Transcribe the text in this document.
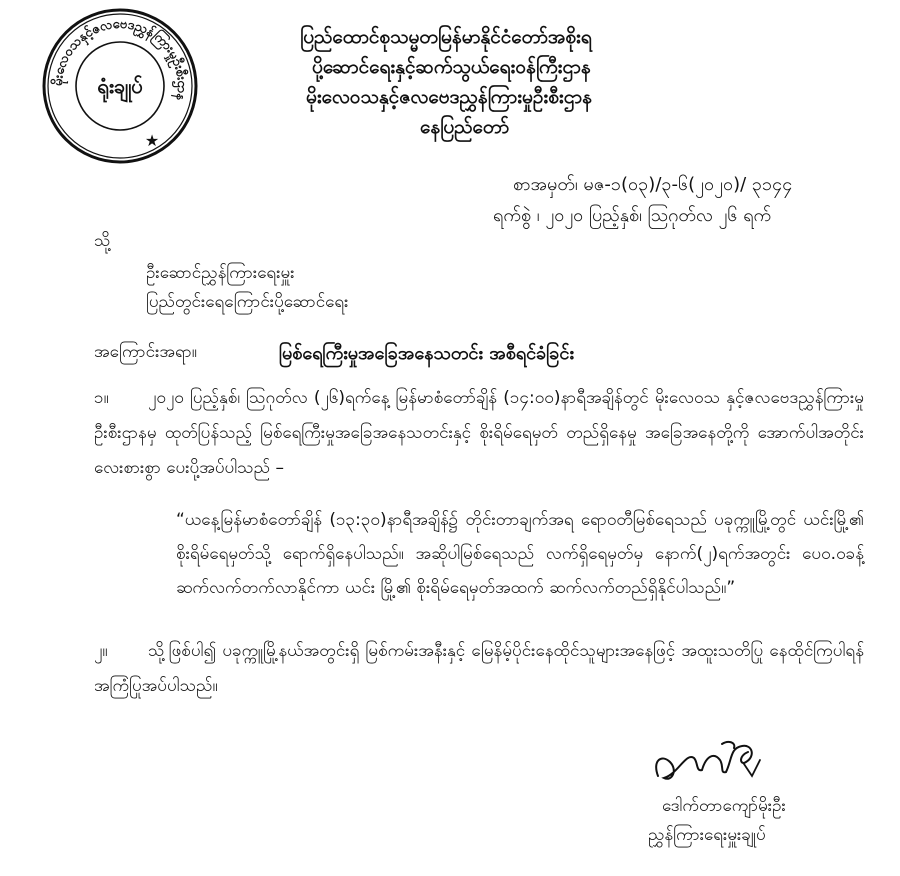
မိုးလေဝသနှင့်ဇလဗေဒညွှန်ကြားမှုဦးစီးဌာန
ရုံးချုပ်
★
ပြည်ထောင်စုသမ္မတမြန်မာနိုင်ငံတော်အစိုးရ
ပို့ဆောင်ရေးနှင့်ဆက်သွယ်ရေးဝန်ကြီးဌာန
မိုးလေဝသနှင့်ဇလဗေဒညွှန်ကြားမှုဦးစီးဌာန
နေပြည်တော်
စာအမှတ်၊ မဇ-၁(၀၃)/၃-၆(၂၀၂၀)/ ၃၁၄၄
ရက်စွဲ ၊ ၂၀၂၀ ပြည့်နှစ်၊ ဩဂုတ်လ ၂၆ ရက်
သို့
ဦးဆောင်ညွှန်ကြားရေးမှူး
ပြည်တွင်းရေကြောင်းပို့ဆောင်ရေး
အကြောင်းအရာ။	မြစ်ရေကြီးမှုအခြေအနေသတင်း အစီရင်ခံခြင်း
၁။	၂၀၂၀ ပြည့်နှစ်၊ ဩဂုတ်လ (၂၆)ရက်နေ့ မြန်မာစံတော်ချိန် (၁၄:၀၀)နာရီအချိန်တွင် မိုးလေဝသ နှင့်ဇလဗေဒညွှန်ကြားမှုဦးစီးဌာနမှ ထုတ်ပြန်သည့် မြစ်ရေကြီးမှုအခြေအနေသတင်းနှင့် စိုးရိမ်ရေမှတ် တည်ရှိနေမှု အခြေအနေတို့ကို အောက်ပါအတိုင်း လေးစားစွာ ပေးပို့အပ်ပါသည် –
“ယနေ့မြန်မာစံတော်ချိန် (၁၃:၃၀)နာရီအချိန်၌ တိုင်းတာချက်အရ ရောဝတီမြစ်ရေသည် ပခုက္ကူမြို့တွင် ယင်းမြို့၏ စိုးရိမ်ရေမှတ်သို့ ရောက်ရှိနေပါသည်။ အဆိုပါမြစ်ရေသည် လက်ရှိရေမှတ်မှ နောက်(၂)ရက်အတွင်း ပေ၀.၀ခန့် ဆက်လက်တက်လာနိုင်ကာ ယင်း မြို့၏ စိုးရိမ်ရေမှတ်အထက် ဆက်လက်တည်ရှိနိုင်ပါသည်။”
၂။	သို့ဖြစ်ပါ၍ ပခုက္ကူမြို့နယ်အတွင်းရှိ မြစ်ကမ်းအနီးနှင့် မြေနိမ့်ပိုင်းနေထိုင်သူများအနေဖြင့် အထူးသတိပြု နေထိုင်ကြပါရန် အကြံပြုအပ်ပါသည်။
ဒေါက်တာကျော်မိုးဦး
ညွှန်ကြားရေးမှူးချုပ်
